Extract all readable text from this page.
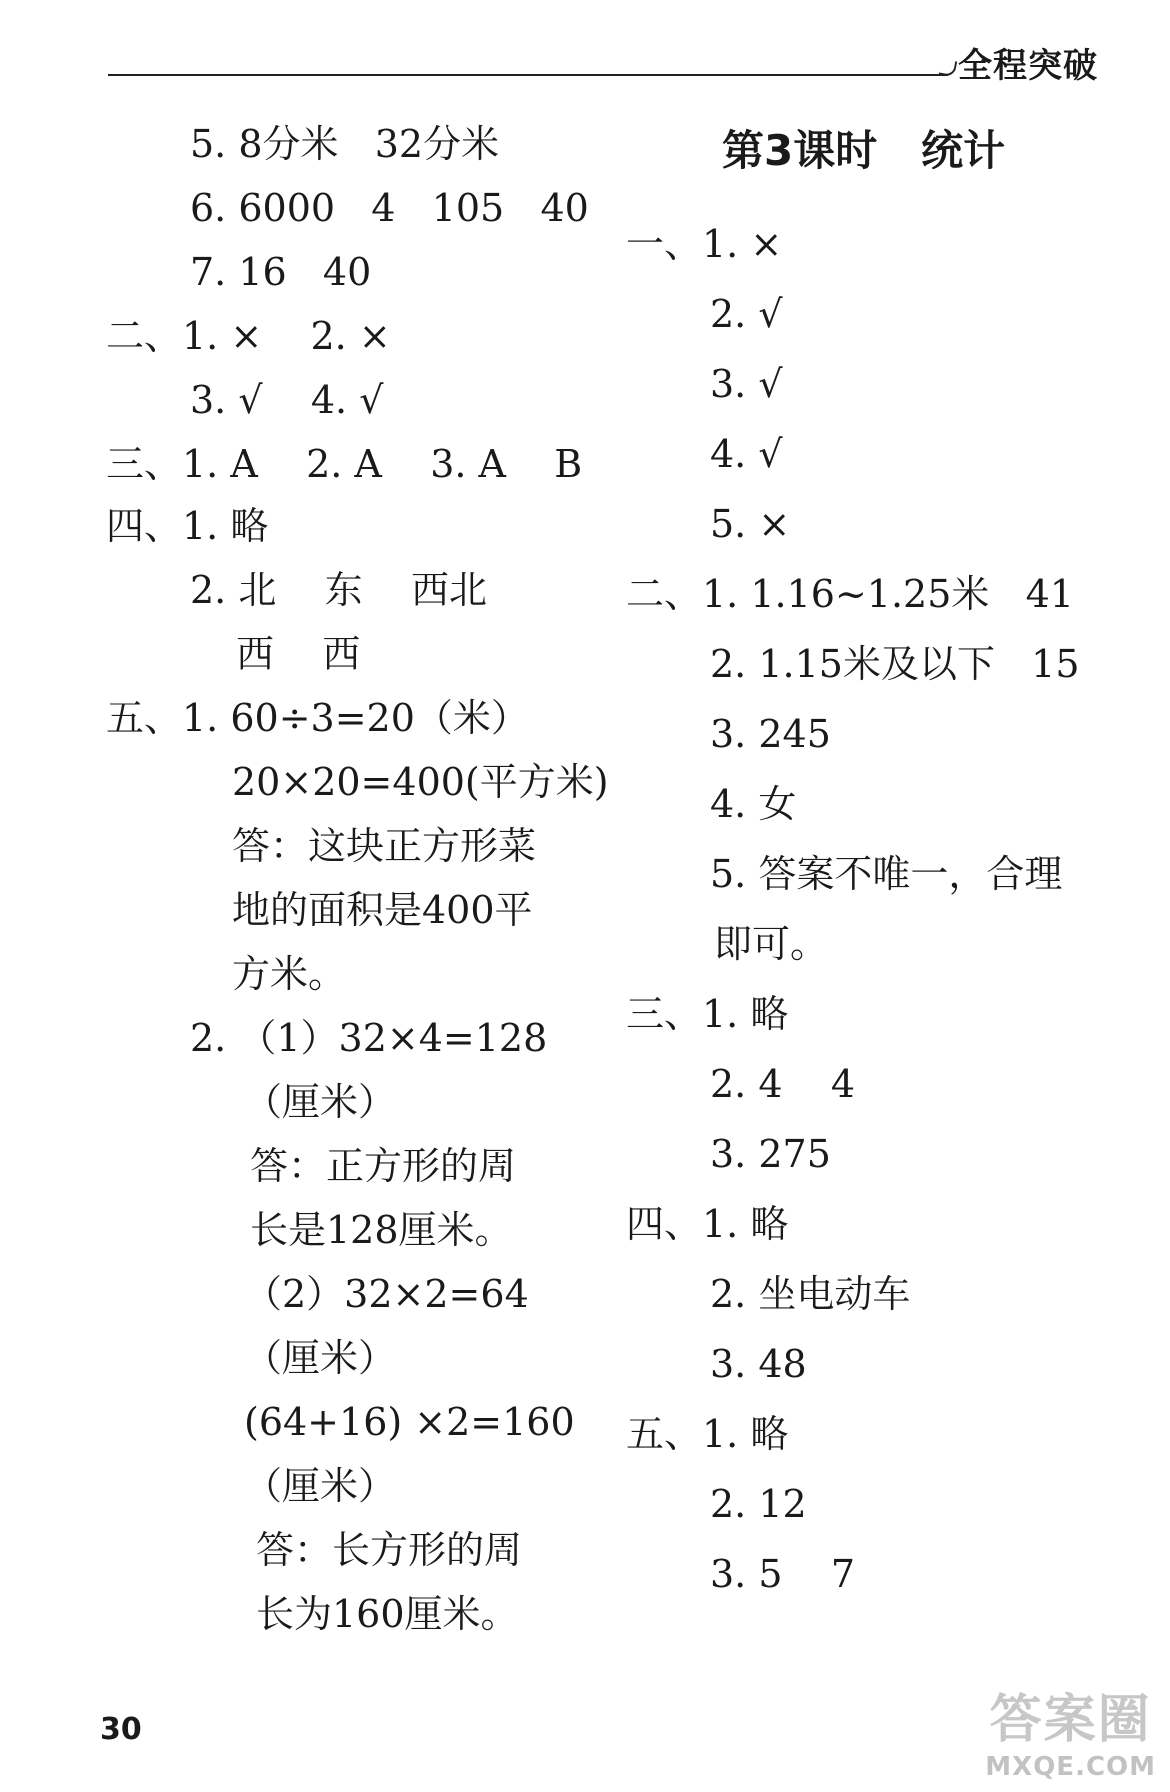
全程突破
5. 8分米   32分米
6. 6000   4   105   40
7. 16   40
二、1. ×    2. ×
3. √    4. √
三、1. A    2. A    3. A    B
四、1. 略
2. 北    东    西北
西    西
五、1. 60÷3=20（米）
20×20=400(平方米)
答：这块正方形菜
地的面积是400平
方米。
2. （1）32×4=128
（厘米）
答：正方形的周
长是128厘米。
（2）32×2=64
（厘米）
(64+16) ×2=160
（厘米）
答：长方形的周
长为160厘米。
第3课时   统计
一、1. ×
2. √
3. √
4. √
5. ×
二、1. 1.16~1.25米   41
2. 1.15米及以下   15
3. 245
4. 女
5. 答案不唯一，合理
即可。
三、1. 略
2. 4    4
3. 275
四、1. 略
2. 坐电动车
3. 48
五、1. 略
2. 12
3. 5    7
30	答案圈
MXQE.COM
